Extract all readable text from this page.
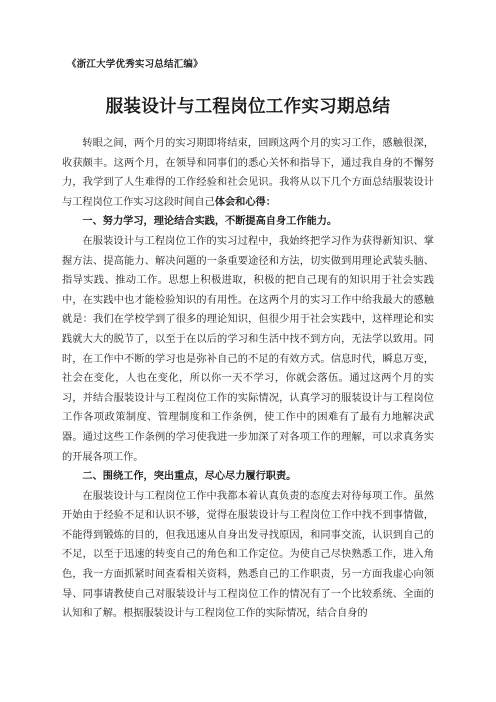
《浙江大学优秀实习总结汇编》
服装设计与工程岗位工作实习期总结

转眼之间，两个月的实习期即将结束，回顾这两个月的实习工作，感触很深，收获颇丰。这两个月，在领导和同事们的悉心关怀和指导下，通过我自身的不懈努力，我学到了人生难得的工作经验和社会见识。我将从以下几个方面总结服装设计与工程岗位工作实习这段时间自己体会和心得：

一、努力学习，理论结合实践，不断提高自身工作能力。

在服装设计与工程岗位工作的实习过程中，我始终把学习作为获得新知识、掌握方法、提高能力、解决问题的一条重要途径和方法，切实做到用理论武装头脑、指导实践、推动工作。思想上积极进取，积极的把自己现有的知识用于社会实践中，在实践中也才能检验知识的有用性。在这两个月的实习工作中给我最大的感触就是：我们在学校学到了很多的理论知识，但很少用于社会实践中，这样理论和实践就大大的脱节了，以至于在以后的学习和生活中找不到方向，无法学以致用。同时，在工作中不断的学习也是弥补自己的不足的有效方式。信息时代，瞬息万变，社会在变化，人也在变化，所以你一天不学习，你就会落伍。通过这两个月的实习，并结合服装设计与工程岗位工作的实际情况，认真学习的服装设计与工程岗位工作各项政策制度、管理制度和工作条例，使工作中的困难有了最有力地解决武器。通过这些工作条例的学习使我进一步加深了对各项工作的理解，可以求真务实的开展各项工作。

二、围绕工作，突出重点，尽心尽力履行职责。

在服装设计与工程岗位工作中我都本着认真负责的态度去对待每项工作。虽然开始由于经验不足和认识不够，觉得在服装设计与工程岗位工作中找不到事情做，不能得到锻炼的目的，但我迅速从自身出发寻找原因，和同事交流，认识到自己的不足，以至于迅速的转变自己的角色和工作定位。为使自己尽快熟悉工作，进入角色，我一方面抓紧时间查看相关资料，熟悉自己的工作职责，另一方面我虚心向领导、同事请教使自己对服装设计与工程岗位工作的情况有了一个比较系统、全面的认知和了解。根据服装设计与工程岗位工作的实际情况，结合自身的
